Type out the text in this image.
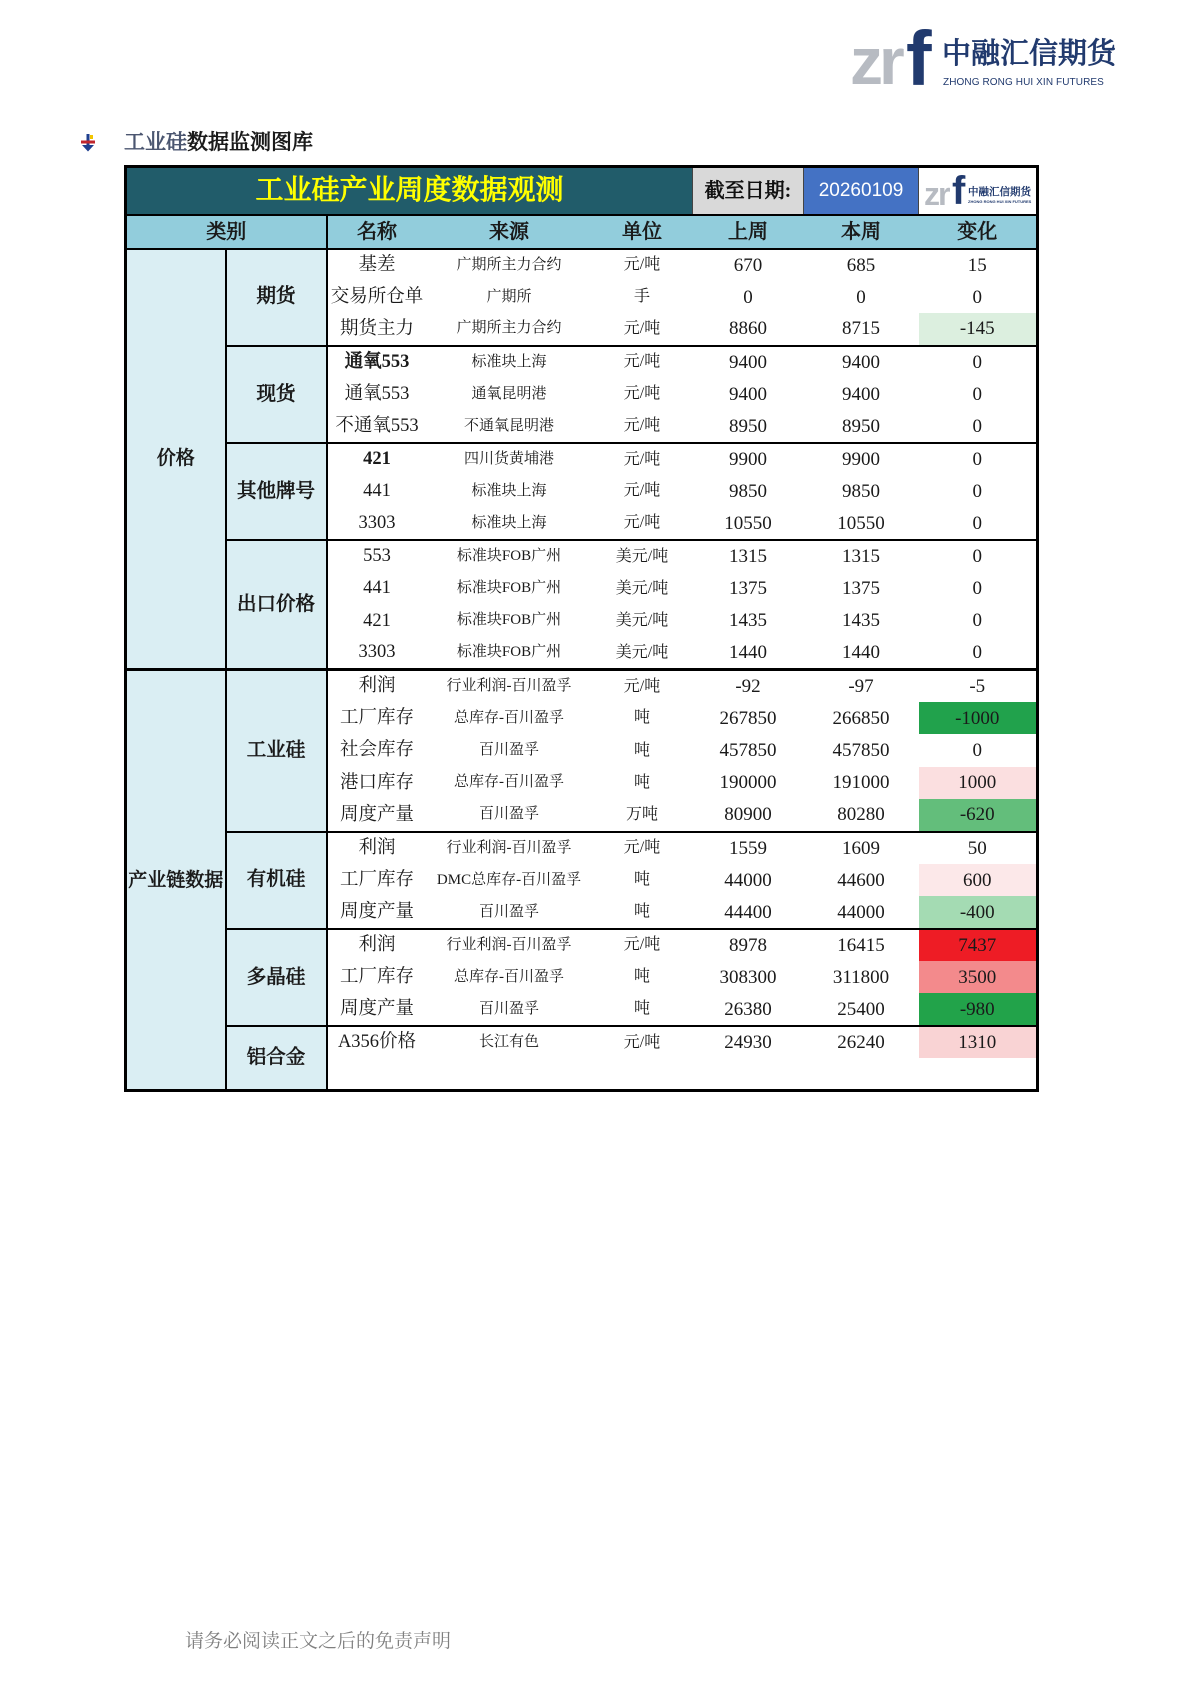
zr f 中融汇信期货
ZHONG RONG HUI XIN FUTURES
工业硅数据监测图库
工业硅产业周度数据观测					截至日期:	20260109	zr f 中融汇信期货
ZHONG RONG HUI XIN FUTURES

类别		名称	来源	单位	上周	本周	变化
价格	期货	基差	广期所主力合约	元/吨	670	685	15
		交易所仓单	广期所	手	0	0	0
		期货主力	广期所主力合约	元/吨	8860	8715	-145
	现货	通氧553	标准块上海	元/吨	9400	9400	0
		通氧553	通氧昆明港	元/吨	9400	9400	0
		不通氧553	不通氧昆明港	元/吨	8950	8950	0
	其他牌号	421	四川货黄埔港	元/吨	9900	9900	0
		441	标准块上海	元/吨	9850	9850	0
		3303	标准块上海	元/吨	10550	10550	0
	出口价格	553	标准块FOB广州	美元/吨	1315	1315	0
		441	标准块FOB广州	美元/吨	1375	1375	0
		421	标准块FOB广州	美元/吨	1435	1435	0
		3303	标准块FOB广州	美元/吨	1440	1440	0
产业链数据	工业硅	利润	行业利润-百川盈孚	元/吨	-92	-97	-5
		工厂库存	总库存-百川盈孚	吨	267850	266850	-1000
		社会库存	百川盈孚	吨	457850	457850	0
		港口库存	总库存-百川盈孚	吨	190000	191000	1000
		周度产量	百川盈孚	万吨	80900	80280	-620
	有机硅	利润	行业利润-百川盈孚	元/吨	1559	1609	50
		工厂库存	DMC总库存-百川盈孚	吨	44000	44600	600
		周度产量	百川盈孚	吨	44400	44000	-400
	多晶硅	利润	行业利润-百川盈孚	元/吨	8978	16415	7437
		工厂库存	总库存-百川盈孚	吨	308300	311800	3500
		周度产量	百川盈孚	吨	26380	25400	-980
	铝合金	A356价格	长江有色	元/吨	24930	26240	1310

请务必阅读正文之后的免责声明
